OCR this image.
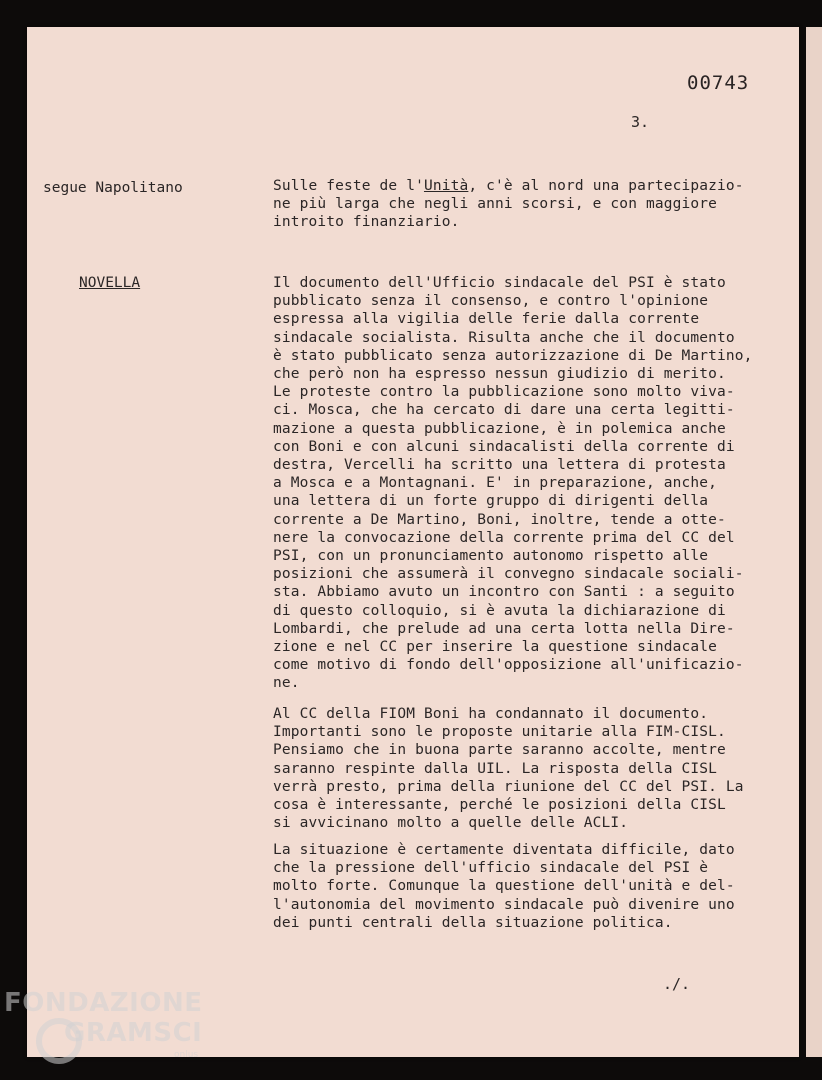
00743
3.
segue Napolitano	Sulle feste de l'Unità, c'è al nord una partecipazio-
ne più larga che negli anni scorsi, e con maggiore
introito finanziario.
NOVELLA	Il documento dell'Ufficio sindacale del PSI è stato
pubblicato senza il consenso, e contro l'opinione
espressa alla vigilia delle ferie dalla corrente
sindacale socialista. Risulta anche che il documento
è stato pubblicato senza autorizzazione di De Martino,
che però non ha espresso nessun giudizio di merito.
Le proteste contro la pubblicazione sono molto viva-
ci. Mosca, che ha cercato di dare una certa legitti-
mazione a questa pubblicazione, è in polemica anche
con Boni e con alcuni sindacalisti della corrente di
destra, Vercelli ha scritto una lettera di protesta
a Mosca e a Montagnani. E' in preparazione, anche,
una lettera di un forte gruppo di dirigenti della
corrente a De Martino, Boni, inoltre, tende a otte-
nere la convocazione della corrente prima del CC del
PSI, con un pronunciamento autonomo rispetto alle
posizioni che assumerà il convegno sindacale sociali-
sta. Abbiamo avuto un incontro con Santi : a seguito
di questo colloquio, si è avuta la dichiarazione di
Lombardi, che prelude ad una certa lotta nella Dire-
zione e nel CC per inserire la questione sindacale
come motivo di fondo dell'opposizione all'unificazio-
ne.
Al CC della FIOM Boni ha condannato il documento.
Importanti sono le proposte unitarie alla FIM-CISL.
Pensiamo che in buona parte saranno accolte, mentre
saranno respinte dalla UIL. La risposta della CISL
verrà presto, prima della riunione del CC del PSI. La
cosa è interessante, perché le posizioni della CISL
si avvicinano molto a quelle delle ACLI.
La situazione è certamente diventata difficile, dato
che la pressione dell'ufficio sindacale del PSI è
molto forte. Comunque la questione dell'unità e del-
l'autonomia del movimento sindacale può divenire uno
dei punti centrali della situazione politica.
./.
FONDAZIONE
GRAMSCI
onlus
